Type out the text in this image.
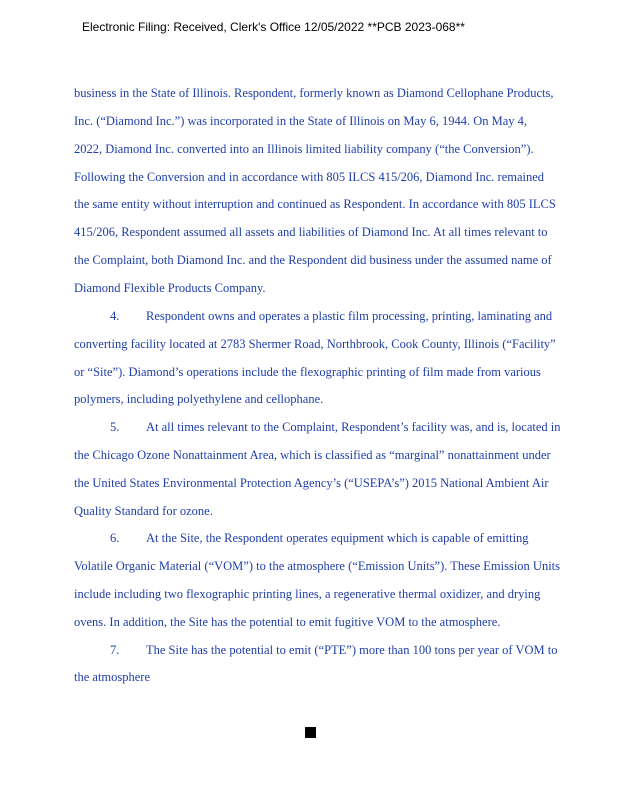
Electronic Filing: Received, Clerk's Office 12/05/2022 **PCB 2023-068**
business in the State of Illinois. Respondent, formerly known as Diamond Cellophane Products,
Inc. (“Diamond Inc.”) was incorporated in the State of Illinois on May 6, 1944. On May 4,
2022, Diamond Inc. converted into an Illinois limited liability company (“the Conversion”).
Following the Conversion and in accordance with 805 ILCS 415/206, Diamond Inc. remained
the same entity without interruption and continued as Respondent. In accordance with 805 ILCS
415/206, Respondent assumed all assets and liabilities of Diamond Inc. At all times relevant to
the Complaint, both Diamond Inc. and the Respondent did business under the assumed name of
Diamond Flexible Products Company.
4. Respondent owns and operates a plastic film processing, printing, laminating and
converting facility located at 2783 Shermer Road, Northbrook, Cook County, Illinois (“Facility”
or “Site”). Diamond’s operations include the flexographic printing of film made from various
polymers, including polyethylene and cellophane.
5. At all times relevant to the Complaint, Respondent’s facility was, and is, located in
the Chicago Ozone Nonattainment Area, which is classified as “marginal” nonattainment under
the United States Environmental Protection Agency’s (“USEPA’s”) 2015 National Ambient Air
Quality Standard for ozone.
6. At the Site, the Respondent operates equipment which is capable of emitting
Volatile Organic Material (“VOM”) to the atmosphere (“Emission Units”). These Emission Units
include including two flexographic printing lines, a regenerative thermal oxidizer, and drying
ovens. In addition, the Site has the potential to emit fugitive VOM to the atmosphere.
7. The Site has the potential to emit (“PTE”) more than 100 tons per year of VOM to
the atmosphere
